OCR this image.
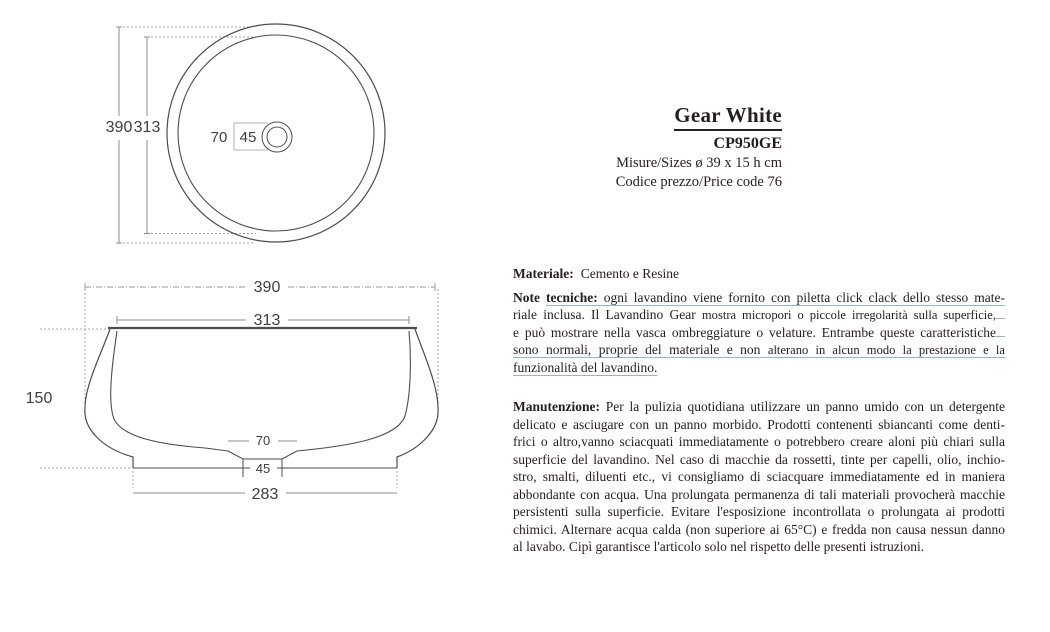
390 313
70 45
390
313
150
70
45
283
Gear White
CP950GE
Misure/Sizes ø 39 x 15 h cm
Codice prezzo/Price code 76
Materiale: Cemento e Resine
Note tecniche: ogni lavandino viene fornito con piletta click clack dello stesso mate-
riale inclusa. Il Lavandino Gear mostra micropori o piccole irregolarità sulla superficie,
e può mostrare nella vasca ombreggiature o velature. Entrambe queste caratteristiche
sono normali, proprie del materiale e non alterano in alcun modo la prestazione e la
funzionalità del lavandino.
Manutenzione: Per la pulizia quotidiana utilizzare un panno umido con un detergente
delicato e asciugare con un panno morbido. Prodotti contenenti sbiancanti come denti-
frici o altro,vanno sciacquati immediatamente o potrebbero creare aloni più chiari sulla
superficie del lavandino. Nel caso di macchie da rossetti, tinte per capelli, olio, inchio-
stro, smalti, diluenti etc., vi consigliamo di sciacquare immediatamente ed in maniera
abbondante con acqua. Una prolungata permanenza di tali materiali provocherà macchie
persistenti sulla superficie. Evitare l'esposizione incontrollata o prolungata ai prodotti
chimici. Alternare acqua calda (non superiore ai 65°C) e fredda non causa nessun danno
al lavabo. Cipì garantisce l'articolo solo nel rispetto delle presenti istruzioni.
